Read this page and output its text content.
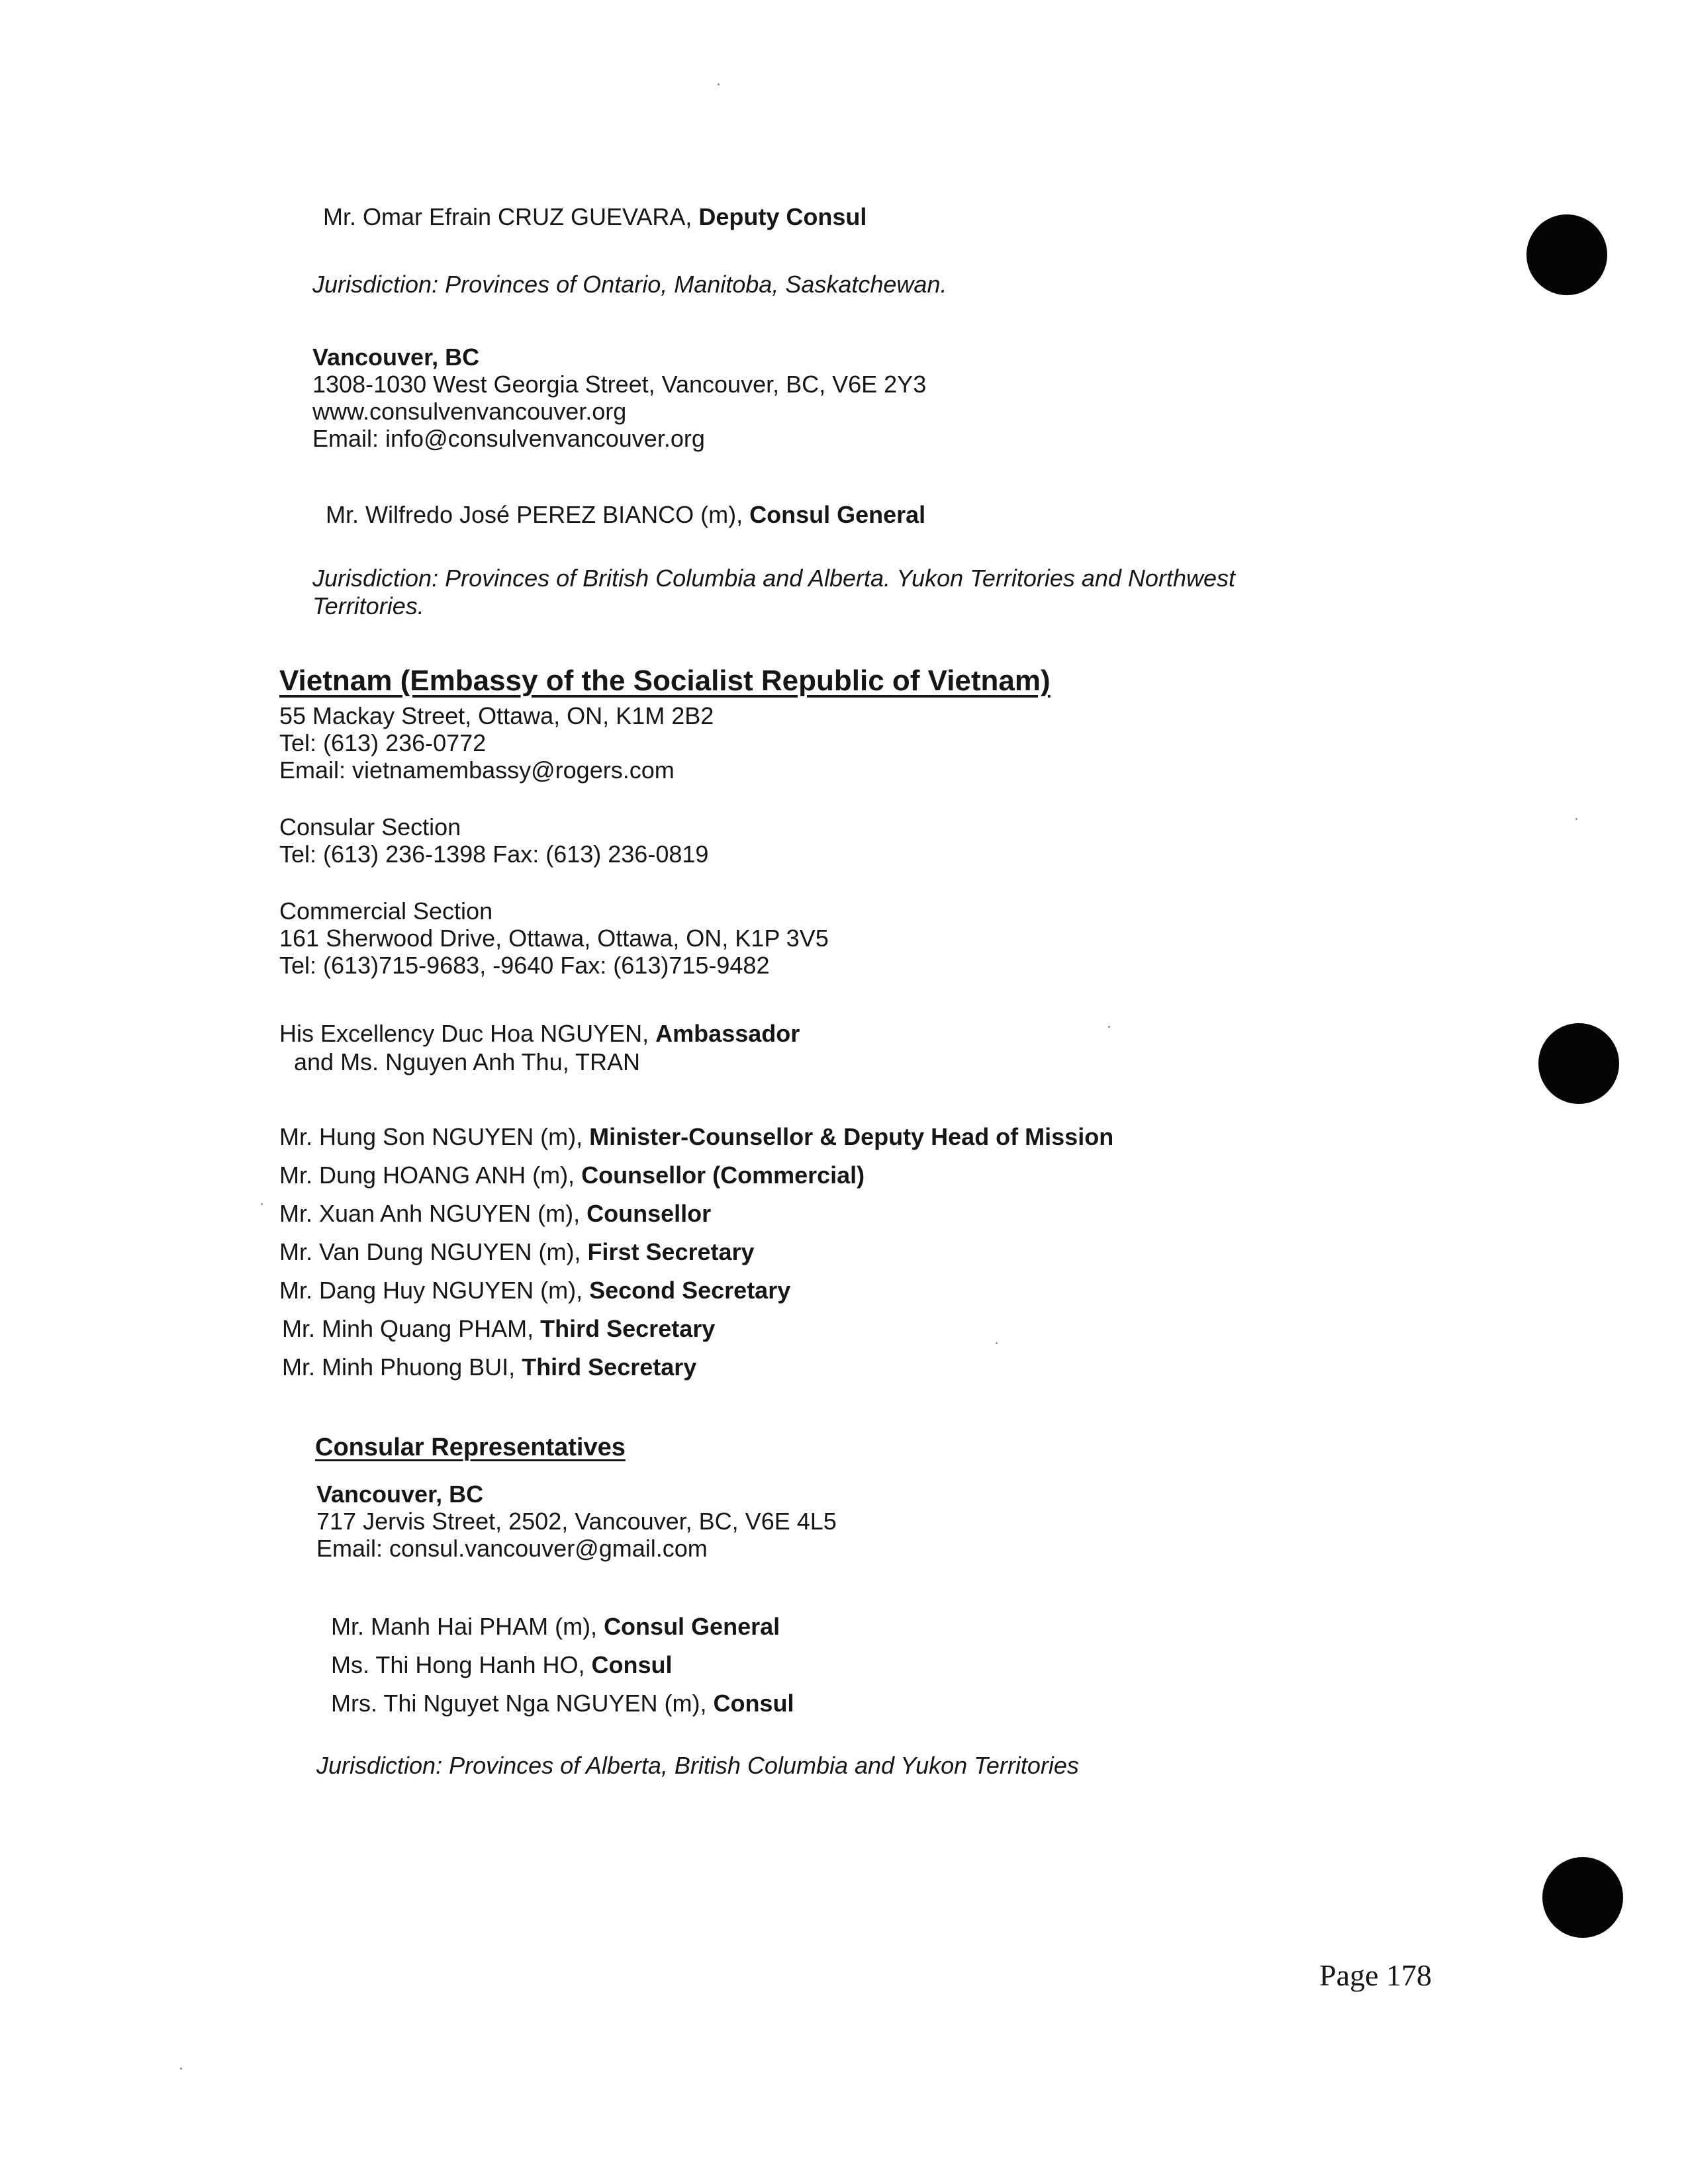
Mr. Omar Efrain CRUZ GUEVARA, Deputy Consul
Jurisdiction: Provinces of Ontario, Manitoba, Saskatchewan.
Vancouver, BC
1308-1030 West Georgia Street, Vancouver, BC, V6E 2Y3
www.consulvenvancouver.org
Email: info@consulvenvancouver.org
Mr. Wilfredo José PEREZ BIANCO (m), Consul General
Jurisdiction: Provinces of British Columbia and Alberta. Yukon Territories and Northwest
Territories.
Vietnam (Embassy of the Socialist Republic of Vietnam)
55 Mackay Street, Ottawa, ON, K1M 2B2
Tel: (613) 236-0772
Email: vietnamembassy@rogers.com
Consular Section
Tel: (613) 236-1398 Fax: (613) 236-0819
Commercial Section
161 Sherwood Drive, Ottawa, Ottawa, ON, K1P 3V5
Tel: (613)715-9683, -9640 Fax: (613)715-9482
His Excellency Duc Hoa NGUYEN, Ambassador
and Ms. Nguyen Anh Thu, TRAN
Mr. Hung Son NGUYEN (m), Minister-Counsellor & Deputy Head of Mission
Mr. Dung HOANG ANH (m), Counsellor (Commercial)
Mr. Xuan Anh NGUYEN (m), Counsellor
Mr. Van Dung NGUYEN (m), First Secretary
Mr. Dang Huy NGUYEN (m), Second Secretary
Mr. Minh Quang PHAM, Third Secretary
Mr. Minh Phuong BUI, Third Secretary
Consular Representatives
Vancouver, BC
717 Jervis Street, 2502, Vancouver, BC, V6E 4L5
Email: consul.vancouver@gmail.com
Mr. Manh Hai PHAM (m), Consul General
Ms. Thi Hong Hanh HO, Consul
Mrs. Thi Nguyet Nga NGUYEN (m), Consul
Jurisdiction: Provinces of Alberta, British Columbia and Yukon Territories
Page 178
